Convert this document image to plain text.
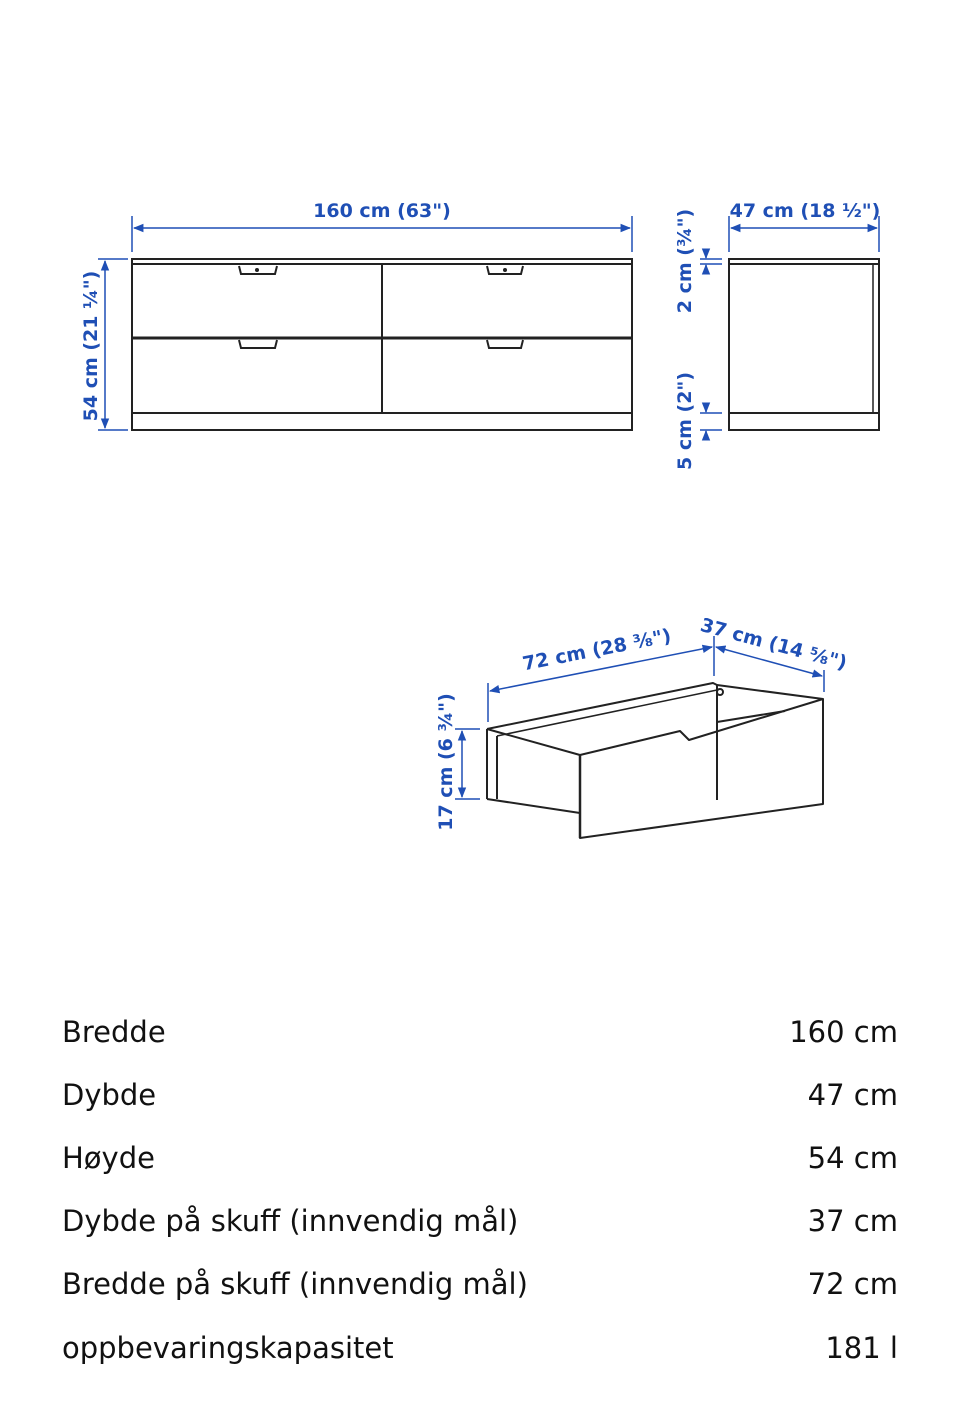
160 cm (63")
54 cm (21 ¼")
47 cm (18 ½")
2 cm (¾")
5 cm (2")
72 cm (28 ⅜") 37 cm (14 ⅝")
17 cm (6 ¾")
Bredde	160 cm
Dybde	47 cm
Høyde	54 cm
Dybde på skuff (innvendig mål)	37 cm
Bredde på skuff (innvendig mål)	72 cm
oppbevaringskapasitet	181 l
